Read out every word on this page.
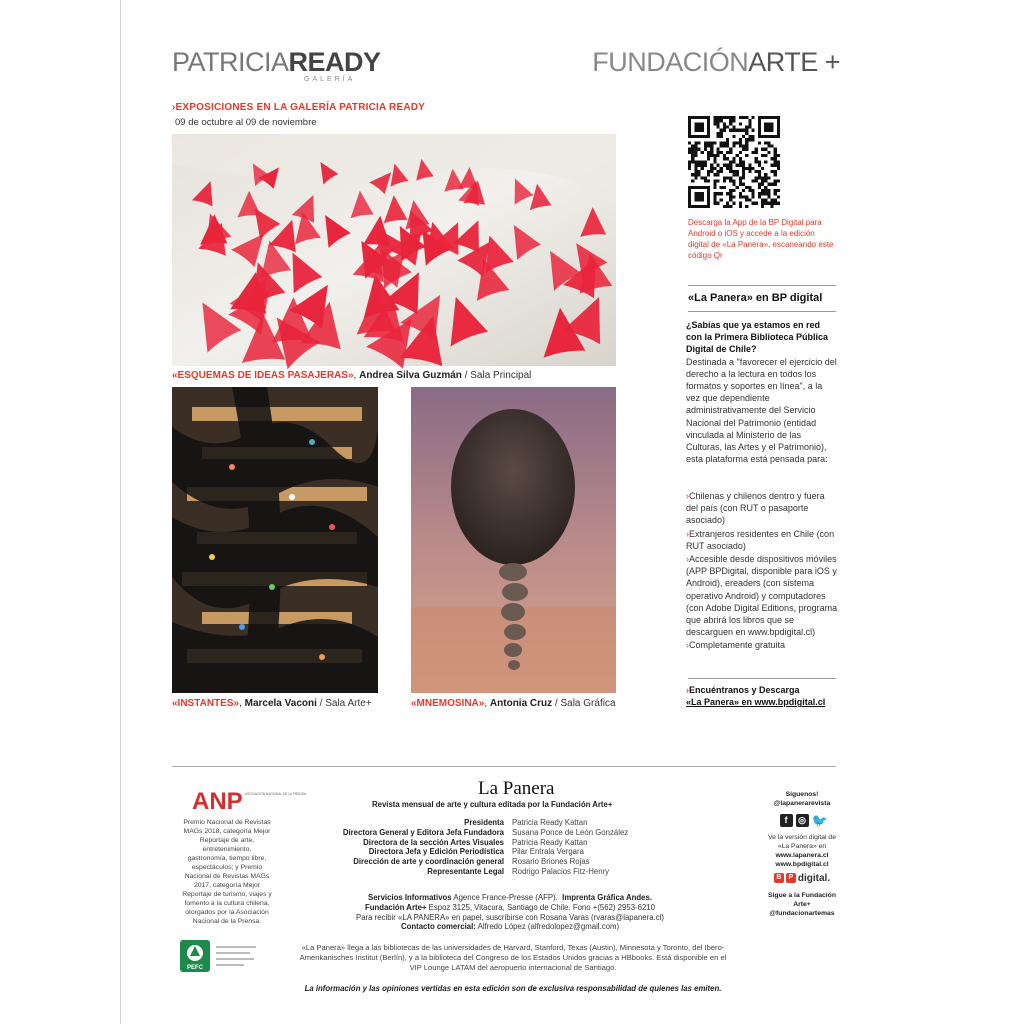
PATRICIAREADY
GALERÍA
FUNDACIÓNARTE +
›EXPOSICIONES EN LA GALERÍA PATRICIA READY
09 de octubre al 09 de noviembre
«ESQUEMAS DE IDEAS PASAJERAS», Andrea Silva Guzmán / Sala Principal
«INSTANTES», Marcela Vaconi / Sala Arte+	«MNEMOSINA», Antonia Cruz / Sala Gráfica
Descarga la App de la BP Digital para Android o iOS y accede a la edición digital de «La Panera», escaneando este código Qr
«La Panera» en BP digital
¿Sabías que ya estamos en red con la Primera Biblioteca Pública Digital de Chile?
Destinada a "favorecer el ejercicio del derecho a la lectura en todos los formatos y soportes en línea", a la vez que dependiente administrativamente del Servicio Nacional del Patrimonio (entidad vinculada al Ministerio de las Culturas, las Artes y el Patrimonio), esta plataforma está pensada para:
›Chilenas y chilenos dentro y fuera del país (con RUT o pasaporte asociado)
›Extranjeros residentes en Chile (con RUT asociado)
›Accesible desde dispositivos móviles (APP BPDigital, disponible para iOS y Android), ereaders (con sistema operativo Android) y computadores (con Adobe Digital Editions, programa que abrirá los libros que se descarguen en www.bpdigital.cl)
›Completamente gratuita
›Encuéntranos y Descarga
«La Panera» en www.bpdigital.cl
ANP ASOCIACIÓN NACIONAL DE LA PRENSA
Premio Nacional de Revistas MAGs 2018, categoría Mejor Reportaje de arte, entretenimiento, gastronomía, tiempo libre, espectáculos; y Premio Nacional de Revistas MAGs 2017, categoría Mejor Reportaje de turismo, viajes y fomento a la cultura chilena, otorgados por la Asociación Nacional de la Prensa.
PEFC
La Panera
Revista mensual de arte y cultura editada por la Fundación Arte+
Presidenta	Patricia Ready Kattan
Directora General y Editora Jefa Fundadora	Susana Ponce de León González
Directora de la sección Artes Visuales	Patricia Ready Kattan
Directora Jefa y Edición Periodística	Pilar Entrala Vergara
Dirección de arte y coordinación general	Rosario Briones Rojas
Representante Legal	Rodrigo Palacios Fitz-Henry
Servicios Informativos Agence France-Presse (AFP). Imprenta Gráfica Andes.
Fundación Arte+ Espoz 3125, Vitacura, Santiago de Chile. Fono +(562) 2953-6210
Para recibir «LA PANERA» en papel, suscribirse con Rosana Varas (rvaras@lapanera.cl)
Contacto comercial: Alfredo López (alfredolopez@gmail.com)
«La Panera» llega a las bibliotecas de las universidades de Harvard, Stanford, Texas (Austin), Minnesota y Toronto, del Ibero-Amerikanisches Institut (Berlín), y a la biblioteca del Congreso de los Estados Unidos gracias a HBbooks. Está disponible en el VIP Lounge LATAM del aeropuerto internacional de Santiago.
La información y las opiniones vertidas en esta edición son de exclusiva responsabilidad de quienes las emiten.
Síguenos!
@lapanerarevista
f	◎ 🐦
Ve la versión digital de «La Panera» en
www.lapanera.cl
www.bpdigital.cl
B	P digital.
Sigue a la Fundación Arte+
@fundacionartemas
